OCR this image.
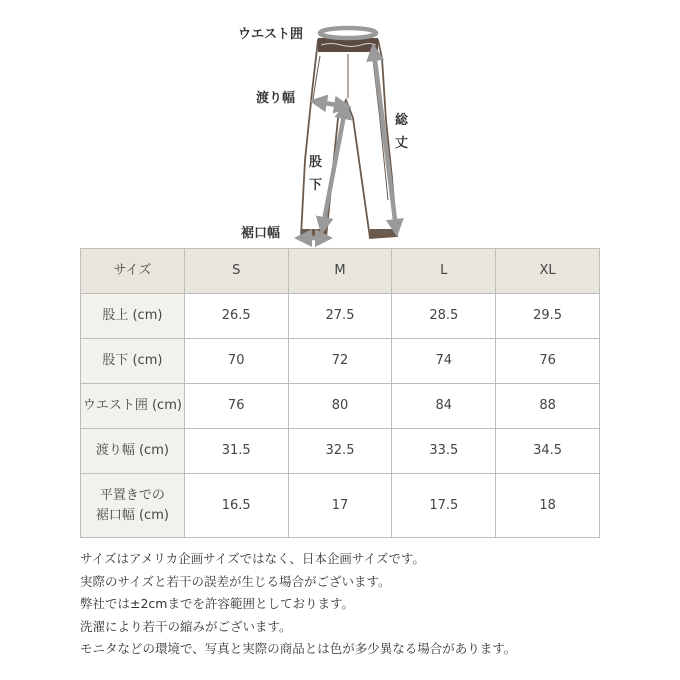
ウエスト囲
渡り幅
総
丈
股
下
裾口幅
サイズ	S	M	L	XL
股上 (cm)	26.5	27.5	28.5	29.5
股下 (cm)	70	72	74	76
ウエスト囲 (cm)	76	80	84	88
渡り幅 (cm)	31.5	32.5	33.5	34.5

平置きでの
裾口幅 (cm)	16.5	17	17.5	18
サイズはアメリカ企画サイズではなく、日本企画サイズです。
実際のサイズと若干の誤差が生じる場合がございます。
弊社では±2cmまでを許容範囲としております。
洗濯により若干の縮みがございます。
モニタなどの環境で、写真と実際の商品とは色が多少異なる場合があります。
